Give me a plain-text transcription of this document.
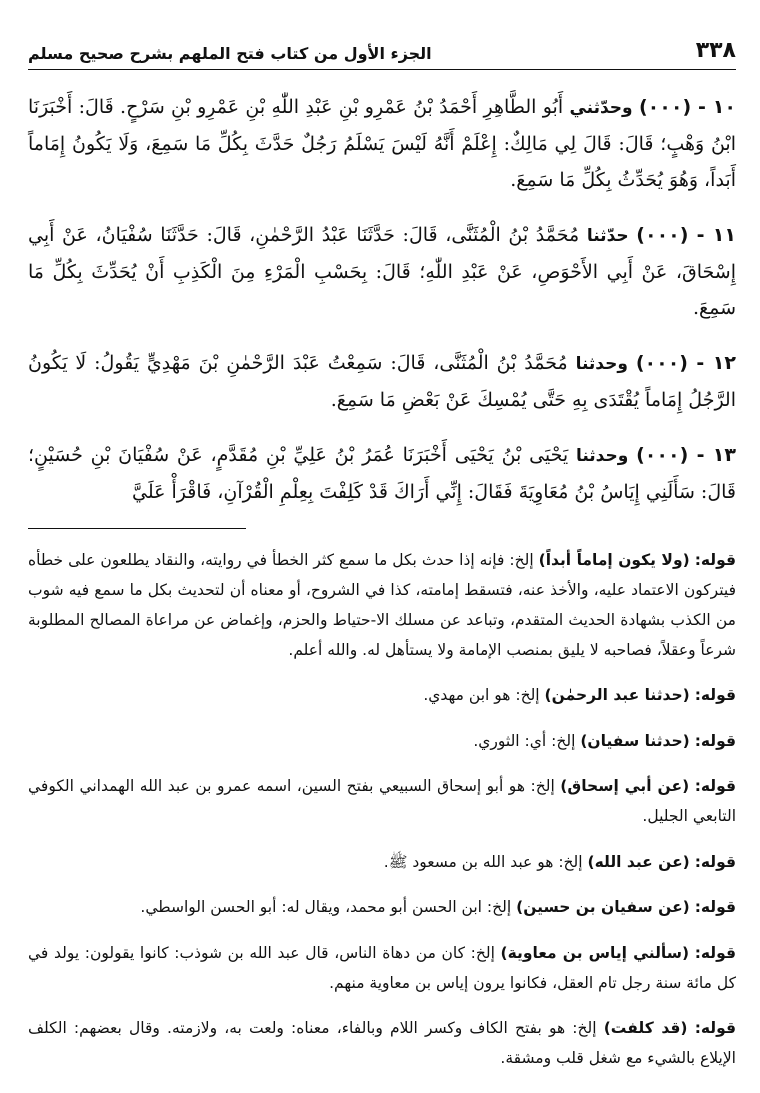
٣٣٨
الجزء الأول من كتاب فتح الملهم بشرح صحيح مسلم

١٠ - (٠٠٠) وحدّثني أَبُو الطَّاهِرِ أَحْمَدُ بْنُ عَمْرِو بْنِ عَبْدِ اللّٰهِ بْنِ عَمْرِو بْنِ سَرْحٍ. قَالَ: أَخْبَرَنَا ابْنُ وَهْبٍ؛ قَالَ: قَالَ لِي مَالِكٌ: إِعْلَمْ أَنَّهُ لَيْسَ يَسْلَمُ رَجُلٌ حَدَّثَ بِكُلِّ مَا سَمِعَ، وَلَا يَكُونُ إِمَاماً أَبَداً، وَهُوَ يُحَدِّثُ بِكُلِّ مَا سَمِعَ.

١١ - (٠٠٠) حدّثنا مُحَمَّدُ بْنُ الْمُثَنَّى، قَالَ: حَدَّثَنَا عَبْدُ الرَّحْمٰنِ، قَالَ: حَدَّثَنَا سُفْيَانُ، عَنْ أَبِي إِسْحَاقَ، عَنْ أَبِي الأَحْوَصِ، عَنْ عَبْدِ اللّٰهِ؛ قَالَ: بِحَسْبِ الْمَرْءِ مِنَ الْكَذِبِ أَنْ يُحَدِّثَ بِكُلِّ مَا سَمِعَ.

١٢ - (٠٠٠) وحدثنا مُحَمَّدُ بْنُ الْمُثَنَّى، قَالَ: سَمِعْتُ عَبْدَ الرَّحْمٰنِ بْنَ مَهْدِيٍّ يَقُولُ: لَا يَكُونُ الرَّجُلُ إِمَاماً يُقْتَدَى بِهِ حَتَّى يُمْسِكَ عَنْ بَعْضِ مَا سَمِعَ.

١٣ - (٠٠٠) وحدثنا يَحْيَى بْنُ يَحْيَى أَخْبَرَنَا عُمَرُ بْنُ عَلِيِّ بْنِ مُقَدَّمٍ، عَنْ سُفْيَانَ بْنِ حُسَيْنٍ؛ قَالَ: سَأَلَنِي إِيَاسُ بْنُ مُعَاوِيَةَ فَقَالَ: إِنِّي أَرَاكَ قَدْ كَلِفْتَ بِعِلْمِ الْقُرْآنِ، فَاقْرَأْ عَلَيَّ

قوله: (ولا يكون إماماً أبداً) إلخ: فإنه إذا حدث بكل ما سمع كثر الخطأ في روايته، والنقاد يطلعون على خطأه فيتركون الاعتماد عليه، والأخذ عنه، فتسقط إمامته، كذا في الشروح، أو معناه أن لتحديث بكل ما سمع فيه شوب من الكذب بشهادة الحديث المتقدم، وتباعد عن مسلك الا-حتياط والحزم، وإغماض عن مراعاة المصالح المطلوبة شرعاً وعقلاً، فصاحبه لا يليق بمنصب الإمامة ولا يستأهل له. والله أعلم.

قوله: (حدثنا عبد الرحمٰن) إلخ: هو ابن مهدي.

قوله: (حدثنا سفيان) إلخ: أي: الثوري.

قوله: (عن أبي إسحاق) إلخ: هو أبو إسحاق السبيعي بفتح السين، اسمه عمرو بن عبد الله الهمداني الكوفي التابعي الجليل.

قوله: (عن عبد الله) إلخ: هو عبد الله بن مسعود ﷺ.

قوله: (عن سفيان بن حسين) إلخ: ابن الحسن أبو محمد، ويقال له: أبو الحسن الواسطي.

قوله: (سألني إياس بن معاوية) إلخ: كان من دهاة الناس، قال عبد الله بن شوذب: كانوا يقولون: يولد في كل مائة سنة رجل تام العقل، فكانوا يرون إياس بن معاوية منهم.

قوله: (قد كلفت) إلخ: هو بفتح الكاف وكسر اللام وبالفاء، معناه: ولعت به، ولازمته. وقال بعضهم: الكلف الإيلاع بالشيء مع شغل قلب ومشقة.
